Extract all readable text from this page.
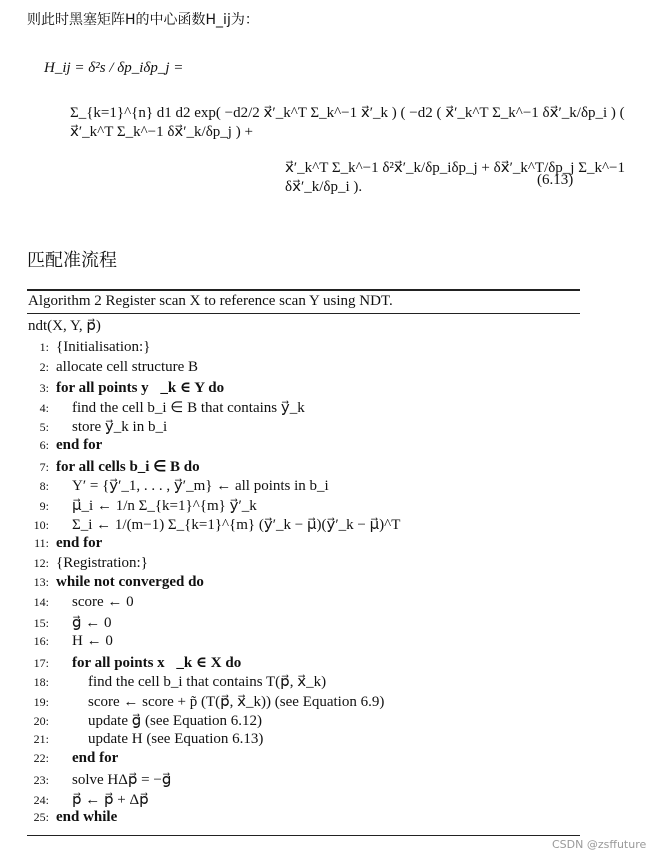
则此时黑塞矩阵H的中心函数H_ij为：
H_ij = δ²s / δp_iδp_j =
Σ_{k=1}^{n} d1 d2 exp( −d2/2 x⃗′_k^T Σ_k^−1 x⃗′_k ) ( −d2 ( x⃗′_k^T Σ_k^−1 δx⃗′_k/δp_i ) ( x⃗′_k^T Σ_k^−1 δx⃗′_k/δp_j ) +
x⃗′_k^T Σ_k^−1 δ²x⃗′_k/δp_iδp_j + δx⃗′_k^T/δp_j Σ_k^−1 δx⃗′_k/δp_i ).	(6.13)
匹配准流程
Algorithm 2 Register scan X to reference scan Y using NDT.
ndt(X, Y, p⃗)
1: {Initialisation:}
2: allocate cell structure B
3: for all points y⃗_k ∈ Y do
4: find the cell b_i ∈ B that contains y⃗_k
5: store y⃗_k in b_i
6: end for
7: for all cells b_i ∈ B do
8: Y′ = {y⃗′_1, . . . , y⃗′_m} ← all points in b_i
9: μ⃗_i ← 1/n Σ_{k=1}^{m} y⃗′_k
10: Σ_i ← 1/(m−1) Σ_{k=1}^{m} (y⃗′_k − μ⃗)(y⃗′_k − μ⃗)^T
11: end for
12: {Registration:}
13: while not converged do
14: score ← 0
15: g⃗ ← 0
16: H ← 0
17: for all points x⃗_k ∈ X do
18:	find the cell b_i that contains T(p⃗, x⃗_k)
19:	score ← score + p̃ (T(p⃗, x⃗_k)) (see Equation 6.9)
20:	update g⃗ (see Equation 6.12)
21:	update H (see Equation 6.13)
22: end for
23: solve HΔp⃗ = −g⃗
24: p⃗ ← p⃗ + Δp⃗
25: end while
CSDN @zsffuture
